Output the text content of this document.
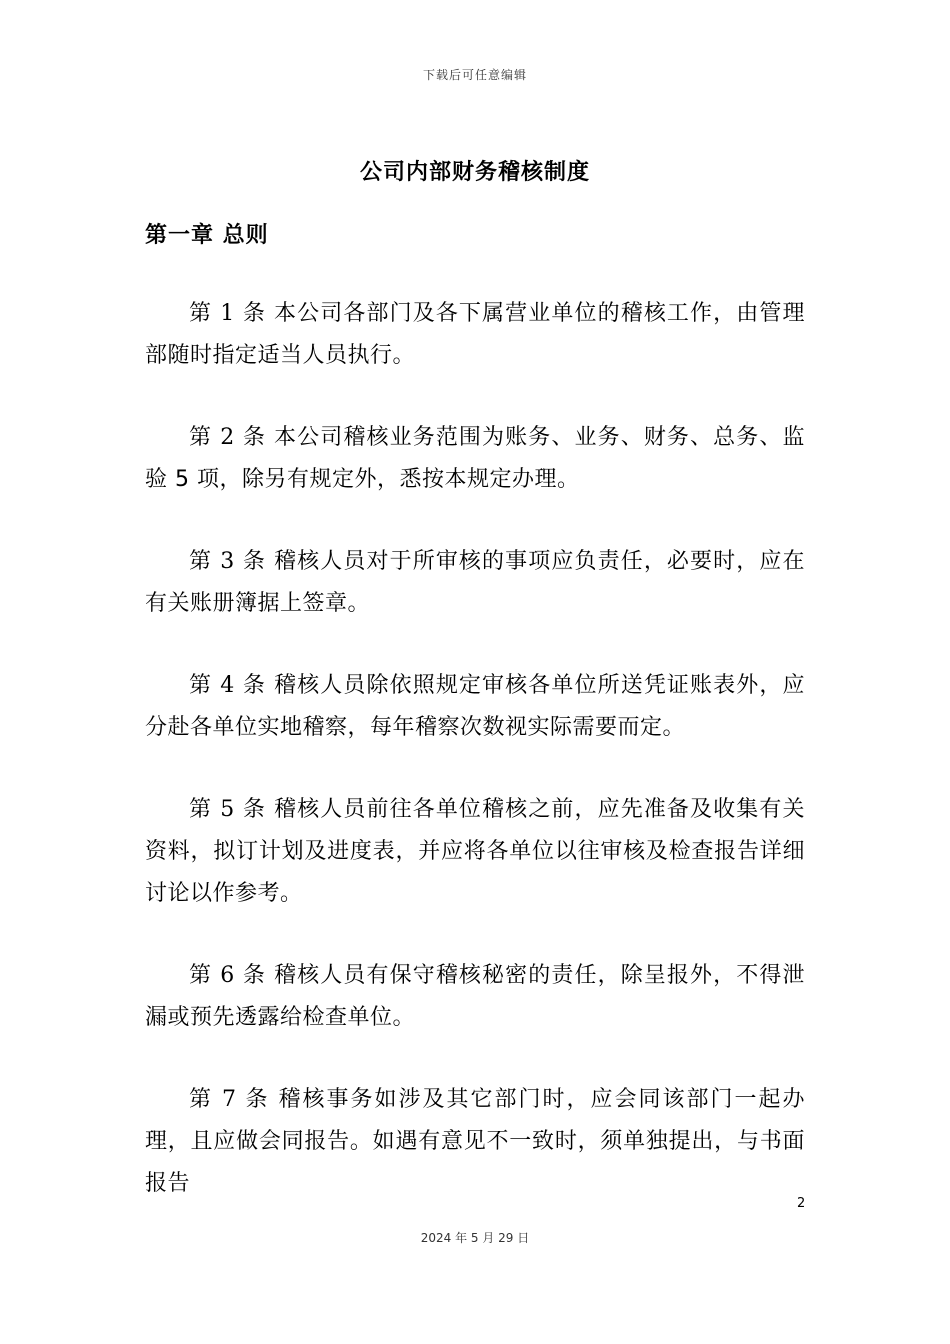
下载后可任意编辑
公司内部财务稽核制度
第一章 总则

第 1 条 本公司各部门及各下属营业单位的稽核工作，由管理部随时指定适当人员执行。

第 2 条 本公司稽核业务范围为账务、业务、财务、总务、监验 5 项，除另有规定外，悉按本规定办理。

第 3 条 稽核人员对于所审核的事项应负责任，必要时，应在有关账册簿据上签章。

第 4 条 稽核人员除依照规定审核各单位所送凭证账表外，应分赴各单位实地稽察，每年稽察次数视实际需要而定。

第 5 条 稽核人员前往各单位稽核之前，应先准备及收集有关资料，拟订计划及进度表，并应将各单位以往审核及检查报告详细讨论以作参考。

第 6 条 稽核人员有保守稽核秘密的责任，除呈报外，不得泄漏或预先透露给检查单位。

第 7 条 稽核事务如涉及其它部门时，应会同该部门一起办理，且应做会同报告。如遇有意见不一致时，须单独提出，与书面报告

2
2024 年 5 月 29 日
